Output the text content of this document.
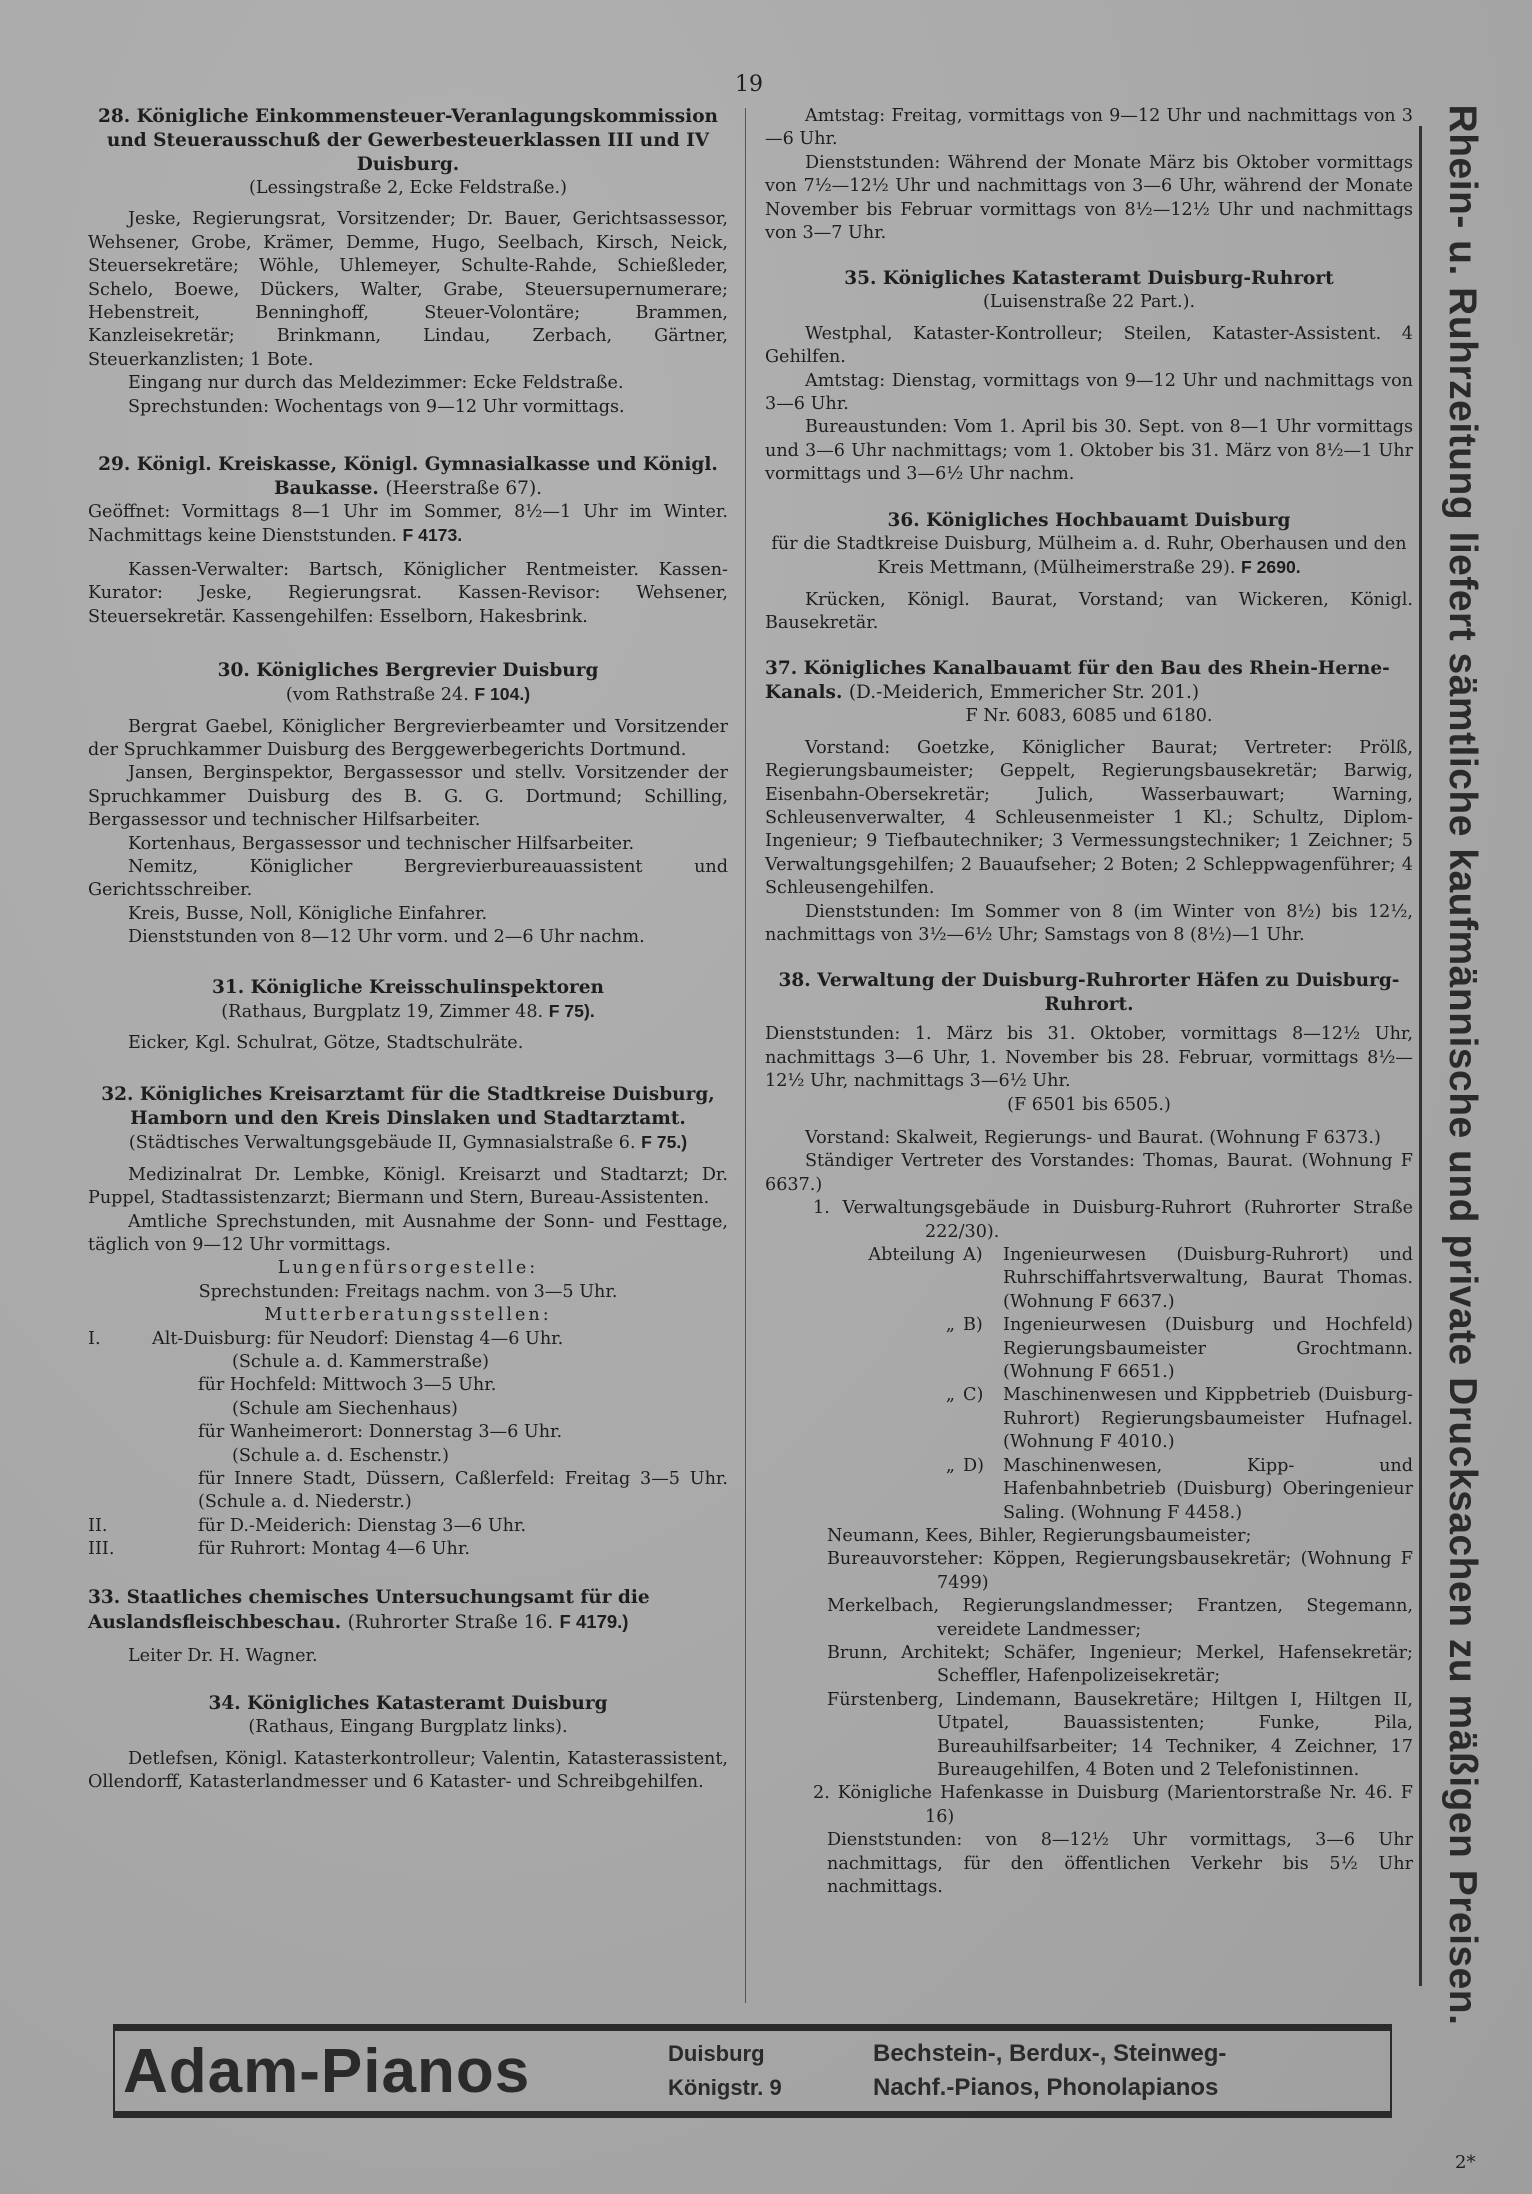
19

28. Königliche Einkommensteuer-Veranlagungskommission und Steuerausschuß der Gewerbesteuerklassen III und IV Duisburg.

(Lessingstraße 2, Ecke Feldstraße.)

Jeske, Regierungsrat, Vorsitzender; Dr. Bauer, Gerichtsassessor, Wehsener, Grobe, Krämer, Demme, Hugo, Seelbach, Kirsch, Neick, Steuersekretäre; Wöhle, Uhlemeyer, Schulte-Rahde, Schießleder, Schelo, Boewe, Dückers, Walter, Grabe, Steuersupernumerare; Hebenstreit, Benninghoff, Steuer-Volontäre; Brammen, Kanzleisekretär; Brinkmann, Lindau, Zerbach, Gärtner, Steuerkanzlisten; 1 Bote.

Eingang nur durch das Meldezimmer: Ecke Feldstraße.

Sprechstunden: Wochentags von 9—12 Uhr vormittags.

29. Königl. Kreiskasse, Königl. Gymnasialkasse und Königl. Baukasse. (Heerstraße 67).

Geöffnet: Vormittags 8—1 Uhr im Sommer, 8½—1 Uhr im Winter. Nachmittags keine Dienststunden. F 4173.

Kassen-Verwalter: Bartsch, Königlicher Rentmeister. Kassen-Kurator: Jeske, Regierungsrat. Kassen-Revisor: Wehsener, Steuersekretär. Kassengehilfen: Esselborn, Hakesbrink.

30. Königliches Bergrevier Duisburg

(vom Rathstraße 24. F 104.)

Bergrat Gaebel, Königlicher Bergrevierbeamter und Vorsitzender der Spruchkammer Duisburg des Berggewerbegerichts Dortmund.

Jansen, Berginspektor, Bergassessor und stellv. Vorsitzender der Spruchkammer Duisburg des B. G. G. Dortmund; Schilling, Bergassessor und technischer Hilfsarbeiter.

Kortenhaus, Bergassessor und technischer Hilfsarbeiter.

Nemitz, Königlicher Bergrevierbureauassistent und Gerichtsschreiber.

Kreis, Busse, Noll, Königliche Einfahrer.

Dienststunden von 8—12 Uhr vorm. und 2—6 Uhr nachm.

31. Königliche Kreisschulinspektoren

(Rathaus, Burgplatz 19, Zimmer 48. F 75).

Eicker, Kgl. Schulrat, Götze, Stadtschulräte.

32. Königliches Kreisarztamt für die Stadtkreise Duisburg, Hamborn und den Kreis Dinslaken und Stadtarztamt.

(Städtisches Verwaltungsgebäude II, Gymnasialstraße 6. F 75.)

Medizinalrat Dr. Lembke, Königl. Kreisarzt und Stadtarzt; Dr. Puppel, Stadtassistenzarzt; Biermann und Stern, Bureau-Assistenten.

Amtliche Sprechstunden, mit Ausnahme der Sonn- und Festtage, täglich von 9—12 Uhr vormittags.

Lungenfürsorgestelle:

Sprechstunden: Freitags nachm. von 3—5 Uhr.

Mutterberatungsstellen:

I.	Alt-Duisburg: für Neudorf: Dienstag 4—6 Uhr.
(Schule a. d. Kammerstraße)
für Hochfeld: Mittwoch 3—5 Uhr.
(Schule am Siechenhaus)
für Wanheimerort: Donnerstag 3—6 Uhr.
(Schule a. d. Eschenstr.)
für Innere Stadt, Düssern, Caßlerfeld: Freitag 3—5 Uhr. (Schule a. d. Niederstr.)
II.	für D.-Meiderich: Dienstag 3—6 Uhr.
III.	für Ruhrort: Montag 4—6 Uhr.

33. Staatliches chemisches Untersuchungsamt für die Auslandsfleischbeschau. (Ruhrorter Straße 16. F 4179.)

Leiter Dr. H. Wagner.

34. Königliches Katasteramt Duisburg

(Rathaus, Eingang Burgplatz links).

Detlefsen, Königl. Katasterkontrolleur; Valentin, Katasterassistent, Ollendorff, Katasterlandmesser und 6 Kataster- und Schreibgehilfen.

Amtstag: Freitag, vormittags von 9—12 Uhr und nachmittags von 3—6 Uhr.

Dienststunden: Während der Monate März bis Oktober vormittags von 7½—12½ Uhr und nachmittags von 3—6 Uhr, während der Monate November bis Februar vormittags von 8½—12½ Uhr und nachmittags von 3—7 Uhr.

35. Königliches Katasteramt Duisburg-Ruhrort

(Luisenstraße 22 Part.).

Westphal, Kataster-Kontrolleur; Steilen, Kataster-Assistent. 4 Gehilfen.

Amtstag: Dienstag, vormittags von 9—12 Uhr und nachmittags von 3—6 Uhr.

Bureaustunden: Vom 1. April bis 30. Sept. von 8—1 Uhr vormittags und 3—6 Uhr nachmittags; vom 1. Oktober bis 31. März von 8½—1 Uhr vormittags und 3—6½ Uhr nachm.

36. Königliches Hochbauamt Duisburg

für die Stadtkreise Duisburg, Mülheim a. d. Ruhr, Oberhausen und den Kreis Mettmann, (Mülheimerstraße 29). F 2690.

Krücken, Königl. Baurat, Vorstand; van Wickeren, Königl. Bausekretär.

37. Königliches Kanalbauamt für den Bau des Rhein-Herne-Kanals. (D.-Meiderich, Emmericher Str. 201.)

F Nr. 6083, 6085 und 6180.

Vorstand: Goetzke, Königlicher Baurat; Vertreter: Prölß, Regierungsbaumeister; Geppelt, Regierungsbausekretär; Barwig, Eisenbahn-Obersekretär; Julich, Wasserbauwart; Warning, Schleusenverwalter, 4 Schleusenmeister 1 Kl.; Schultz, Diplom-Ingenieur; 9 Tiefbautechniker; 3 Vermessungstechniker; 1 Zeichner; 5 Verwaltungsgehilfen; 2 Bauaufseher; 2 Boten; 2 Schleppwagenführer; 4 Schleusengehilfen.

Dienststunden: Im Sommer von 8 (im Winter von 8½) bis 12½, nachmittags von 3½—6½ Uhr; Samstags von 8 (8½)—1 Uhr.

38. Verwaltung der Duisburg-Ruhrorter Häfen zu Duisburg-Ruhrort.

Dienststunden: 1. März bis 31. Oktober, vormittags 8—12½ Uhr, nachmittags 3—6 Uhr, 1. November bis 28. Februar, vormittags 8½—12½ Uhr, nachmittags 3—6½ Uhr.

(F 6501 bis 6505.)

Vorstand: Skalweit, Regierungs- und Baurat. (Wohnung F 6373.)

Ständiger Vertreter des Vorstandes: Thomas, Baurat. (Wohnung F 6637.)

1. Verwaltungsgebäude in Duisburg-Ruhrort (Ruhrorter Straße 222/30).

Abteilung A)	Ingenieurwesen (Duisburg-Ruhrort) und Ruhrschiffahrtsverwaltung, Baurat Thomas. (Wohnung F 6637.)
„ B)	Ingenieurwesen (Duisburg und Hochfeld) Regierungsbaumeister Grochtmann. (Wohnung F 6651.)
„ C)	Maschinenwesen und Kippbetrieb (Duisburg-Ruhrort) Regierungsbaumeister Hufnagel. (Wohnung F 4010.)
„ D)	Maschinenwesen, Kipp- und Hafenbahnbetrieb (Duisburg) Oberingenieur Saling. (Wohnung F 4458.)

Neumann, Kees, Bihler, Regierungsbaumeister;

Bureauvorsteher: Köppen, Regierungsbausekretär; (Wohnung F 7499)

Merkelbach, Regierungslandmesser; Frantzen, Stegemann, vereidete Landmesser;

Brunn, Architekt; Schäfer, Ingenieur; Merkel, Hafensekretär; Scheffler, Hafenpolizeisekretär;

Fürstenberg, Lindemann, Bausekretäre; Hiltgen I, Hiltgen II, Utpatel, Bauassistenten; Funke, Pila, Bureauhilfsarbeiter; 14 Techniker, 4 Zeichner, 17 Bureaugehilfen, 4 Boten und 2 Telefonistinnen.

2. Königliche Hafenkasse in Duisburg (Marientorstraße Nr. 46. F 16)

Dienststunden: von 8—12½ Uhr vormittags, 3—6 Uhr nachmittags, für den öffentlichen Verkehr bis 5½ Uhr nachmittags.

Adam-Pianos	Duisburg
Königstr. 9
Bechstein-, Berdux-, Steinweg-
Nachf.-Pianos, Phonolapianos
Rhein- u. Ruhrzeitung liefert sämtliche kaufmännische und private Drucksachen zu mäßigen Preisen.
2*
